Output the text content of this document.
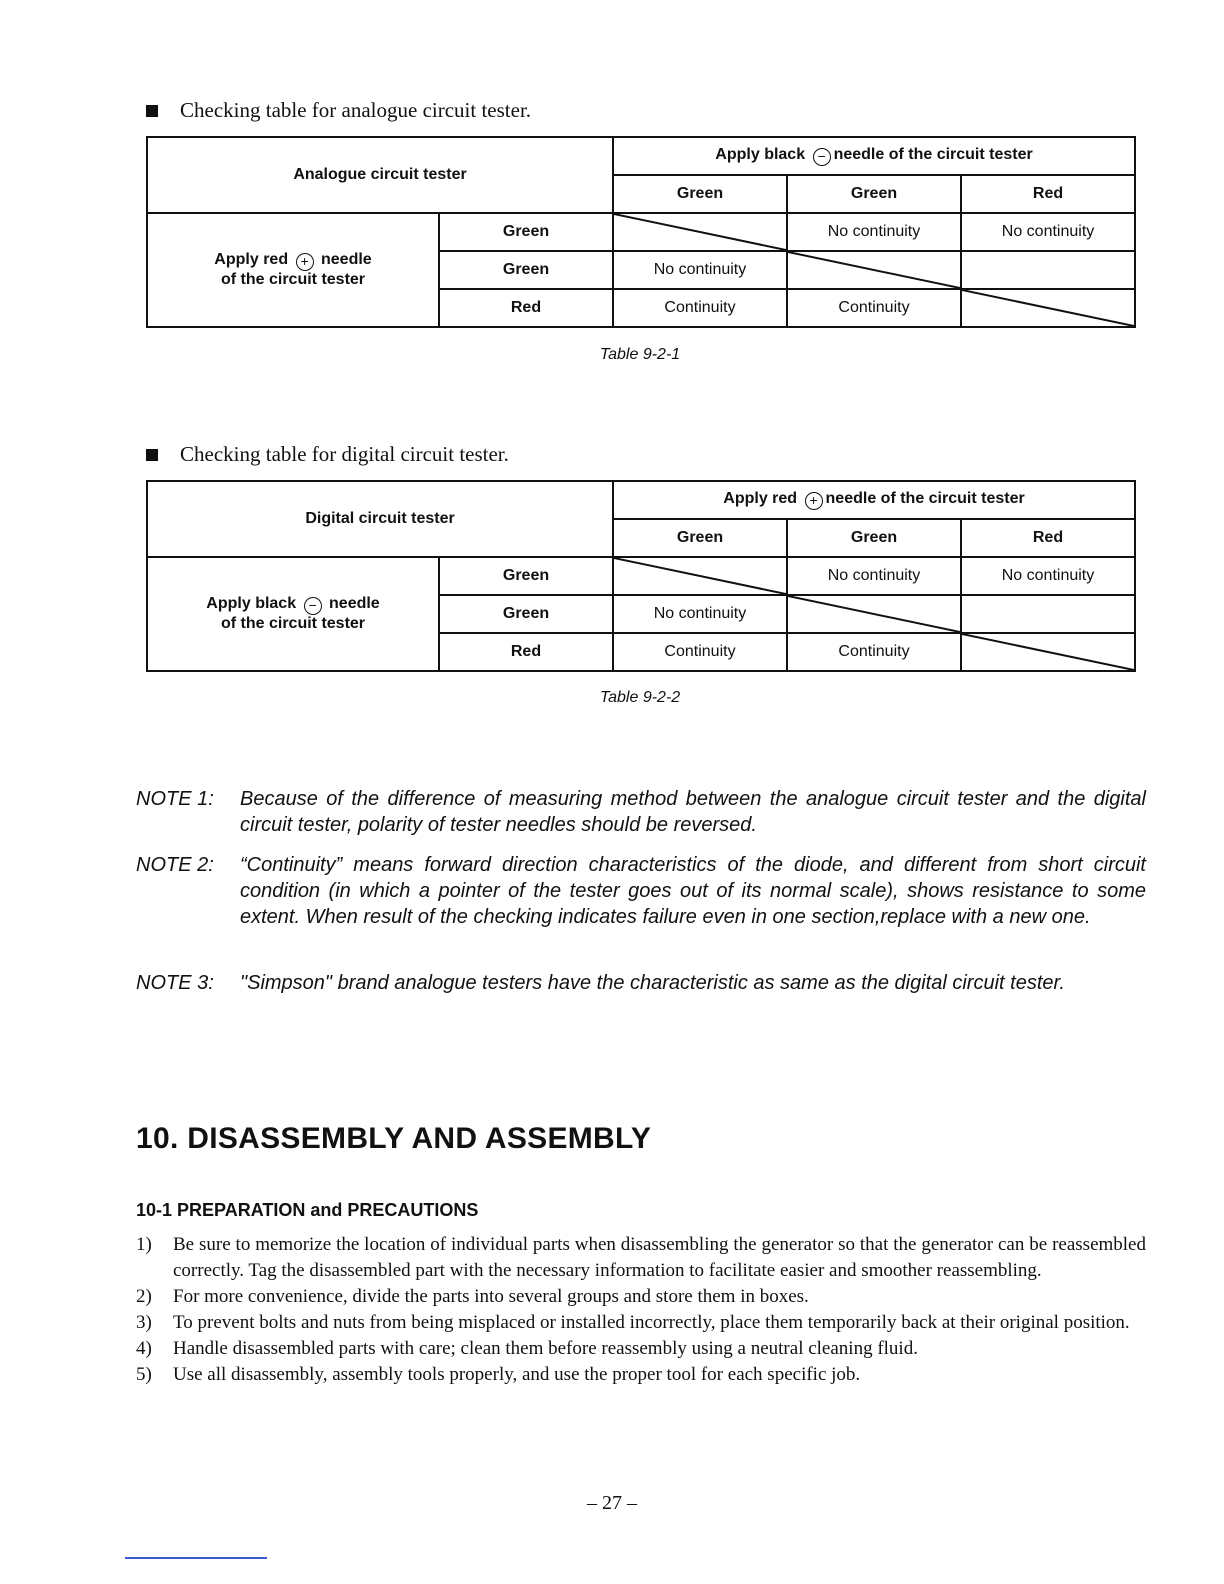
Checking table for analogue circuit tester.
Analogue circuit tester		Apply black − needle of the circuit tester		
		Green	Green	Red

Apply red + needle
of the circuit tester	Green		No continuity	No continuity
	Green	No continuity	

	Red	Continuity	Continuity	
Table 9-2-1
Checking table for digital circuit tester.
Digital circuit tester		Apply red + needle of the circuit tester		
		Green	Green	Red

Apply black − needle
of the circuit tester	Green		No continuity	No continuity
	Green	No continuity	

	Red	Continuity	Continuity	
Table 9-2-2
NOTE 1:	Because of the difference of measuring method between the analogue circuit tester and the digital circuit tester, polarity of tester needles should be reversed.
NOTE 2:	“Continuity” means forward direction characteristics of the diode, and different from short circuit condition (in which a pointer of the tester goes out of its normal scale), shows resistance to some extent. When result of the checking indicates failure even in one section,replace with a new one.
NOTE 3:	"Simpson" brand analogue testers have the characteristic as same as the digital circuit tester.
10. DISASSEMBLY AND ASSEMBLY
10-1 PREPARATION and PRECAUTIONS
1) Be sure to memorize the location of individual parts when disassembling the generator so that the generator can be reassembled correctly. Tag the disassembled part with the necessary information to facilitate easier and smoother reassembling.
2) For more convenience, divide the parts into several groups and store them in boxes.
3) To prevent bolts and nuts from being misplaced or installed incorrectly, place them temporarily back at their original position.
4) Handle disassembled parts with care; clean them before reassembly using a neutral cleaning fluid.
5) Use all disassembly, assembly tools properly, and use the proper tool for each specific job.
– 27 –
